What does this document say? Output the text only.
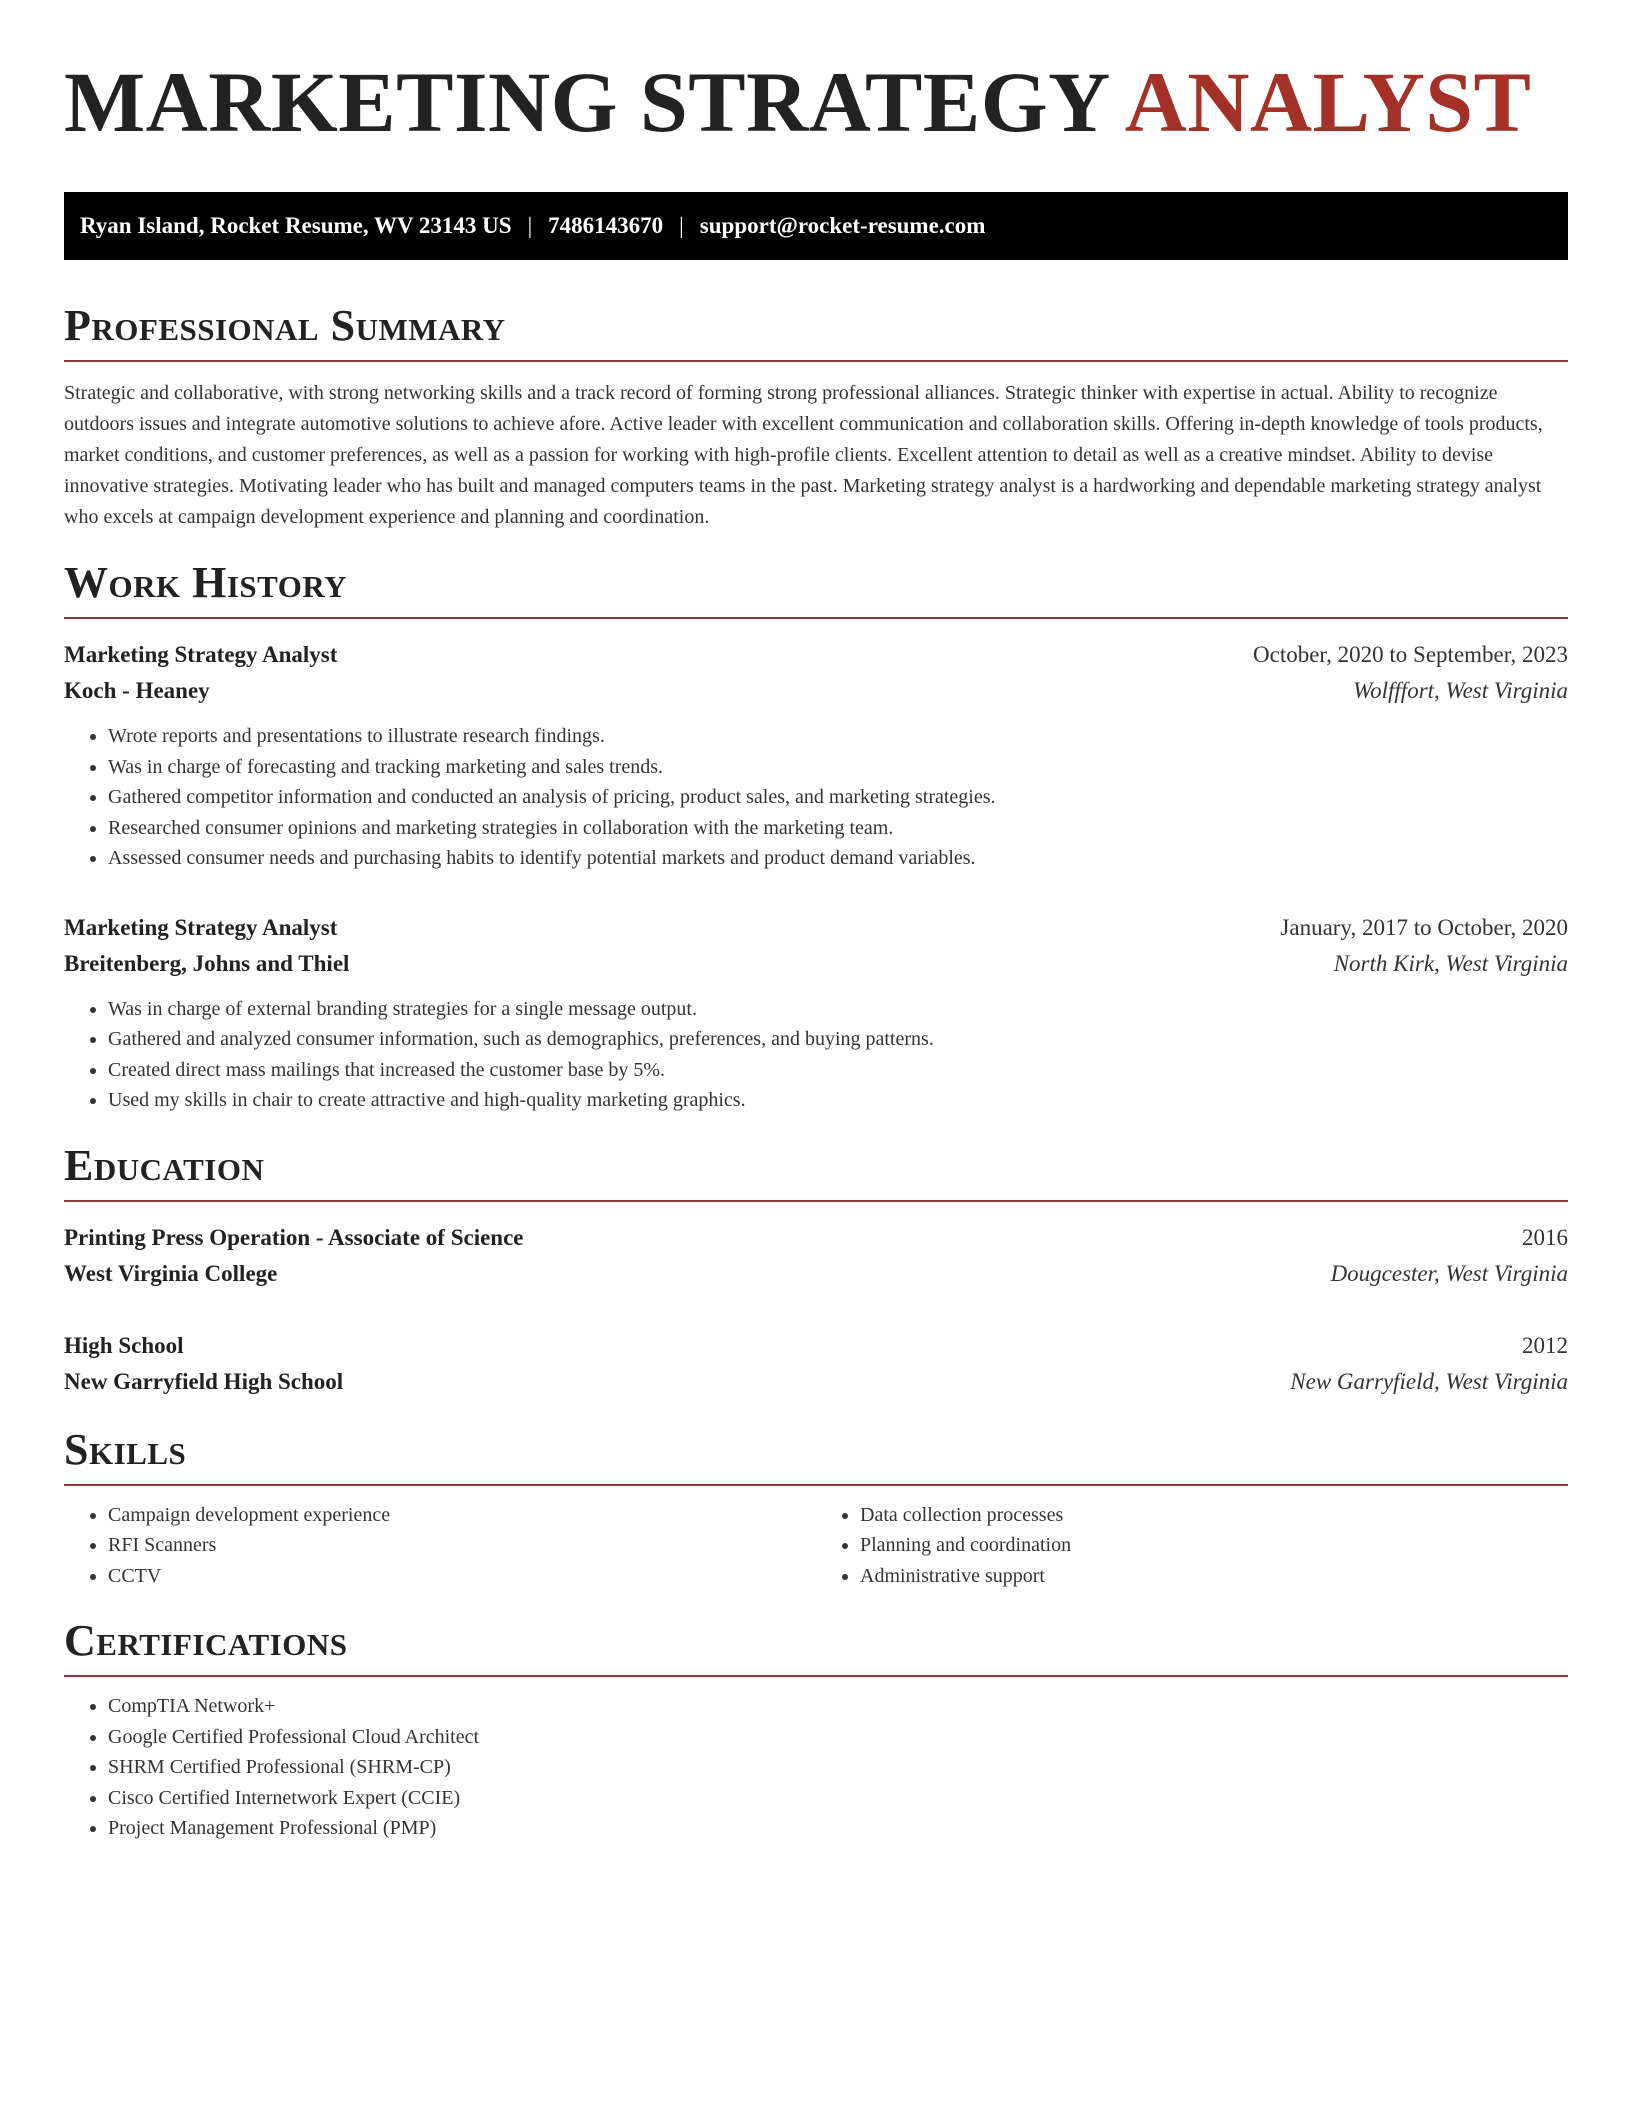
MARKETING STRATEGY ANALYST
Ryan Island, Rocket Resume, WV 23143 US | 7486143670 | support@rocket-resume.com
Professional Summary

Strategic and collaborative, with strong networking skills and a track record of forming strong professional alliances. Strategic thinker with expertise in actual. Ability to recognize outdoors issues and integrate automotive solutions to achieve afore. Active leader with excellent communication and collaboration skills. Offering in-depth knowledge of tools products, market conditions, and customer preferences, as well as a passion for working with high-profile clients. Excellent attention to detail as well as a creative mindset. Ability to devise innovative strategies. Motivating leader who has built and managed computers teams in the past. Marketing strategy analyst is a hardworking and dependable marketing strategy analyst who excels at campaign development experience and planning and coordination.

Work History
Marketing Strategy Analyst	October, 2020 to September, 2023
Koch - Heaney	Wolfffort, West Virginia
• Wrote reports and presentations to illustrate research findings.
• Was in charge of forecasting and tracking marketing and sales trends.
• Gathered competitor information and conducted an analysis of pricing, product sales, and marketing strategies.
• Researched consumer opinions and marketing strategies in collaboration with the marketing team.
• Assessed consumer needs and purchasing habits to identify potential markets and product demand variables.
Marketing Strategy Analyst	January, 2017 to October, 2020
Breitenberg, Johns and Thiel	North Kirk, West Virginia
• Was in charge of external branding strategies for a single message output.
• Gathered and analyzed consumer information, such as demographics, preferences, and buying patterns.
• Created direct mass mailings that increased the customer base by 5%.
• Used my skills in chair to create attractive and high-quality marketing graphics.
Education
Printing Press Operation - Associate of Science	2016
West Virginia College	Dougcester, West Virginia
High School	2012
New Garryfield High School	New Garryfield, West Virginia
Skills
• Campaign development experience
• RFI Scanners
• CCTV
• Data collection processes
• Planning and coordination
• Administrative support
Certifications
• CompTIA Network+
• Google Certified Professional Cloud Architect
• SHRM Certified Professional (SHRM-CP)
• Cisco Certified Internetwork Expert (CCIE)
• Project Management Professional (PMP)
